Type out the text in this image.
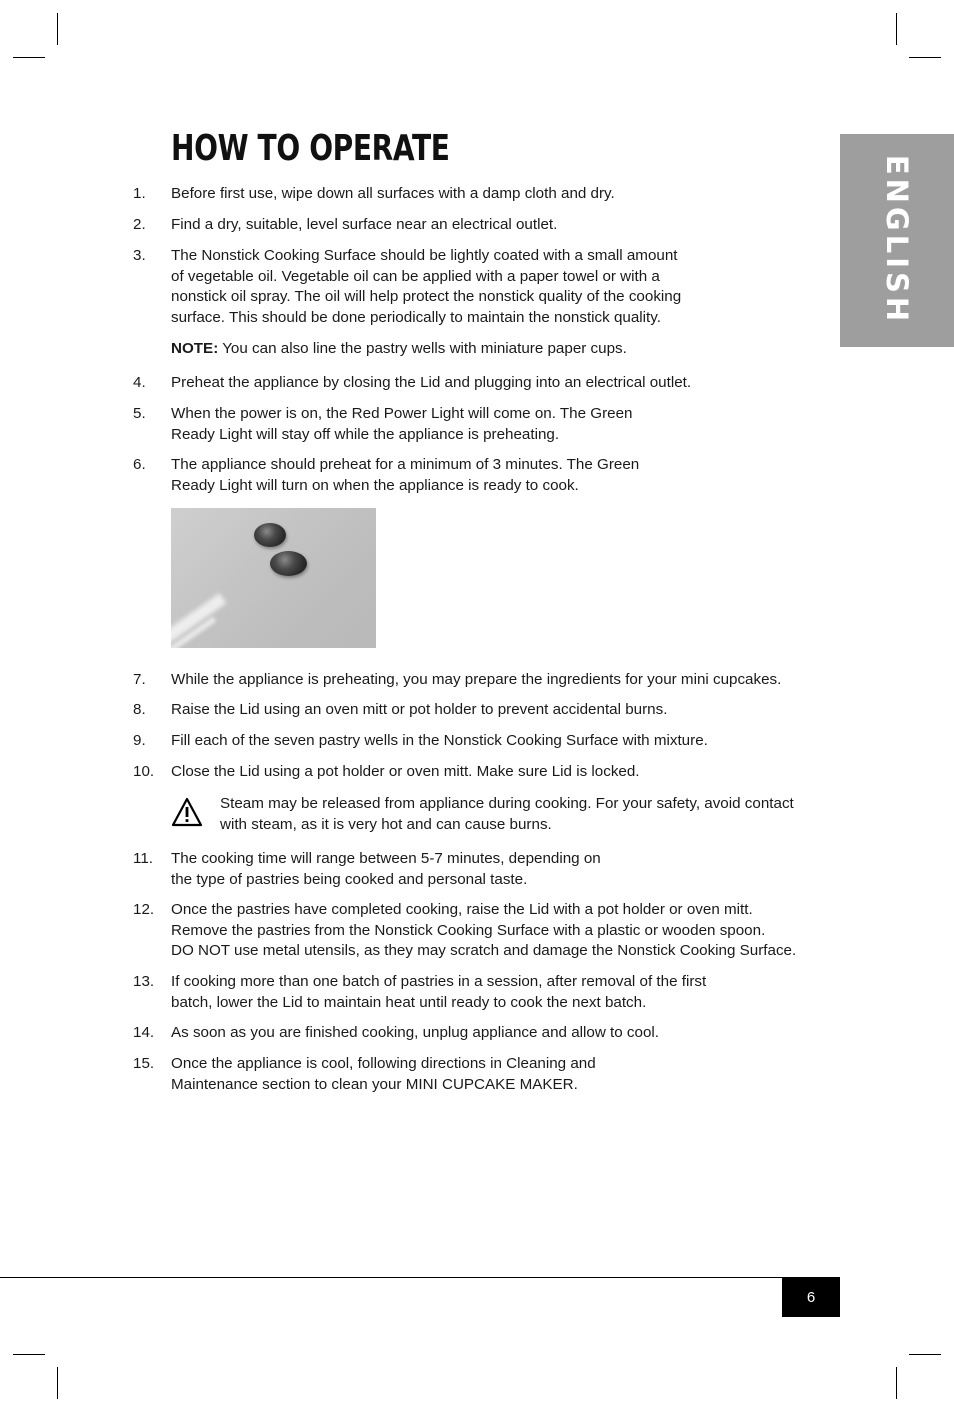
ENGLISH
HOW TO OPERATE
1. Before first use, wipe down all surfaces with a damp cloth and dry.
2. Find a dry, suitable, level surface near an electrical outlet.
3. The Nonstick Cooking Surface should be lightly coated with a small amount
of vegetable oil. Vegetable oil can be applied with a paper towel or with a
nonstick oil spray. The oil will help protect the nonstick quality of the cooking
surface. This should be done periodically to maintain the nonstick quality.
NOTE: You can also line the pastry wells with miniature paper cups.
4. Preheat the appliance by closing the Lid and plugging into an electrical outlet.
5. When the power is on, the Red Power Light will come on. The Green
Ready Light will stay off while the appliance is preheating.
6. The appliance should preheat for a minimum of 3 minutes. The Green
Ready Light will turn on when the appliance is ready to cook.
7. While the appliance is preheating, you may prepare the ingredients for your mini cupcakes.
8. Raise the Lid using an oven mitt or pot holder to prevent accidental burns.
9. Fill each of the seven pastry wells in the Nonstick Cooking Surface with mixture.
10. Close the Lid using a pot holder or oven mitt. Make sure Lid is locked.
Steam may be released from appliance during cooking. For your safety, avoid contact
with steam, as it is very hot and can cause burns.
11. The cooking time will range between 5-7 minutes, depending on
the type of pastries being cooked and personal taste.
12. Once the pastries have completed cooking, raise the Lid with a pot holder or oven mitt.
Remove the pastries from the Nonstick Cooking Surface with a plastic or wooden spoon.
DO NOT use metal utensils, as they may scratch and damage the Nonstick Cooking Surface.
13. If cooking more than one batch of pastries in a session, after removal of the first
batch, lower the Lid to maintain heat until ready to cook the next batch.
14. As soon as you are finished cooking, unplug appliance and allow to cool.
15. Once the appliance is cool, following directions in Cleaning and
Maintenance section to clean your MINI CUPCAKE MAKER.
6
